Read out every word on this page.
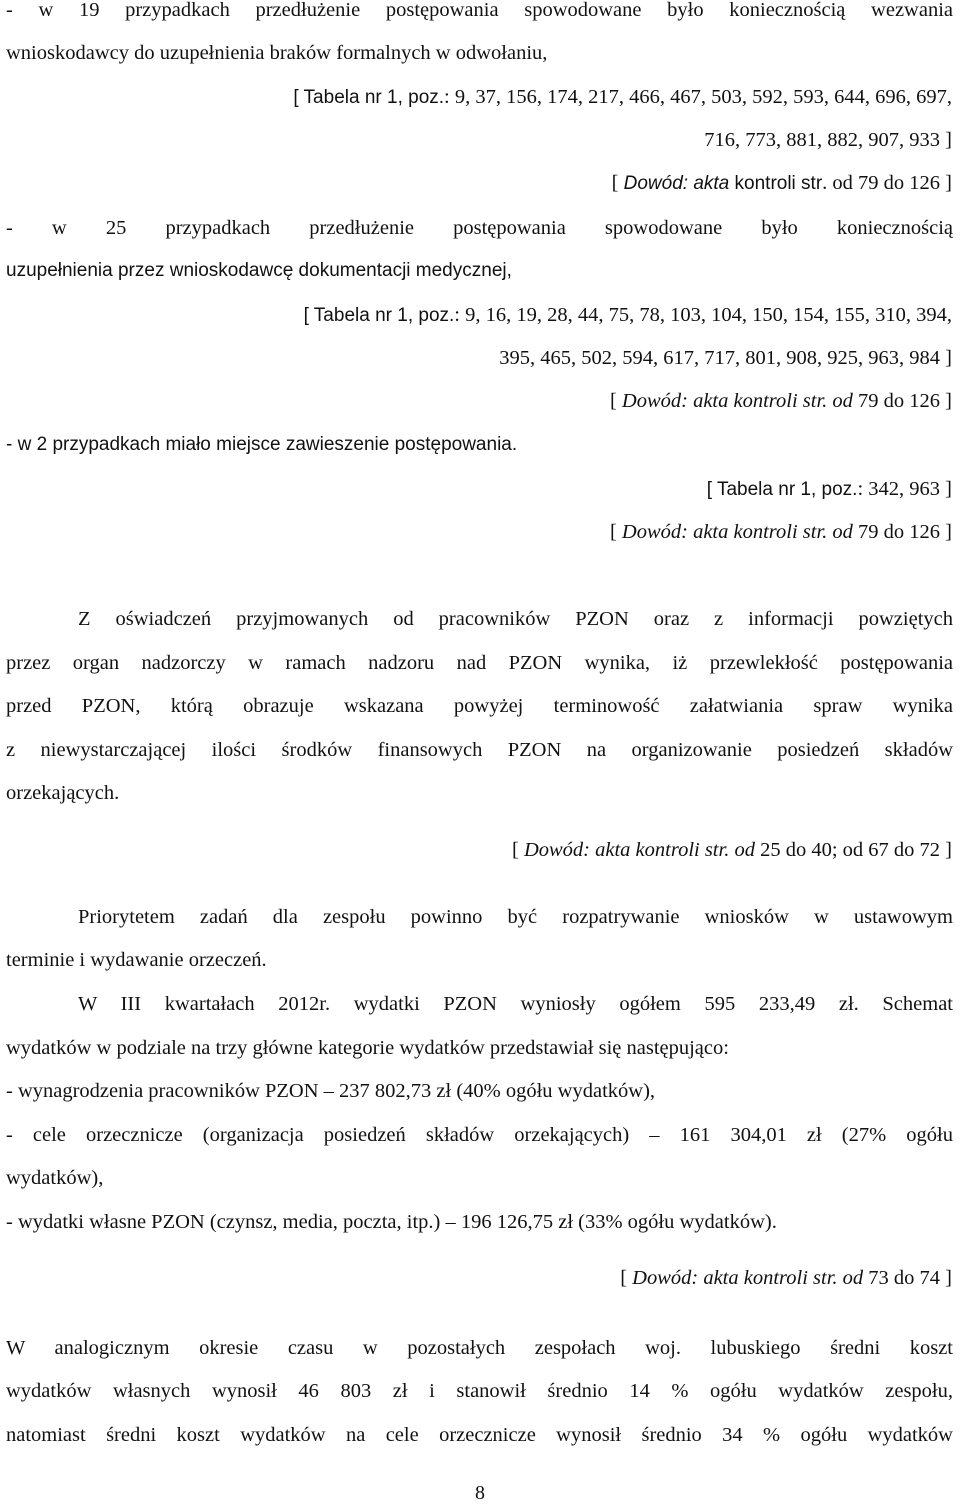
- w 19 przypadkach przedłużenie postępowania spowodowane było koniecznością wezwania
wnioskodawcy do uzupełnienia braków formalnych w odwołaniu,
[ Tabela nr 1, poz.: 9, 37, 156, 174, 217, 466, 467, 503, 592, 593, 644, 696, 697,
716, 773, 881, 882, 907, 933 ]
[ Dowód: akta kontroli str. od 79 do 126 ]
- w 25 przypadkach przedłużenie postępowania spowodowane było koniecznością
uzupełnienia przez wnioskodawcę dokumentacji medycznej,
[ Tabela nr 1, poz.: 9, 16, 19, 28, 44, 75, 78, 103, 104, 150, 154, 155, 310, 394,
395, 465, 502, 594, 617, 717, 801, 908, 925, 963, 984 ]
[ Dowód: akta kontroli str. od 79 do 126 ]
- w 2 przypadkach miało miejsce zawieszenie postępowania.
[ Tabela nr 1, poz.: 342, 963 ]
[ Dowód: akta kontroli str. od 79 do 126 ]
Z oświadczeń przyjmowanych od pracowników PZON oraz z informacji powziętych
przez organ nadzorczy w ramach nadzoru nad PZON wynika, iż przewlekłość postępowania
przed PZON, którą obrazuje wskazana powyżej terminowość załatwiania spraw wynika
z niewystarczającej ilości środków finansowych PZON na organizowanie posiedzeń składów
orzekających.
[ Dowód: akta kontroli str. od 25 do 40; od 67 do 72 ]
Priorytetem zadań dla zespołu powinno być rozpatrywanie wniosków w ustawowym
terminie i wydawanie orzeczeń.
W III kwartałach 2012r. wydatki PZON wyniosły ogółem 595 233,49 zł. Schemat
wydatków w podziale na trzy główne kategorie wydatków przedstawiał się następująco:
- wynagrodzenia pracowników PZON – 237 802,73 zł (40% ogółu wydatków),
- cele orzecznicze (organizacja posiedzeń składów orzekających) – 161 304,01 zł (27% ogółu
wydatków),
- wydatki własne PZON (czynsz, media, poczta, itp.) – 196 126,75 zł (33% ogółu wydatków).
[ Dowód: akta kontroli str. od 73 do 74 ]
W analogicznym okresie czasu w pozostałych zespołach woj. lubuskiego średni koszt
wydatków własnych wynosił 46 803 zł i stanowił średnio 14 % ogółu wydatków zespołu,
natomiast średni koszt wydatków na cele orzecznicze wynosił średnio 34 % ogółu wydatków
8
